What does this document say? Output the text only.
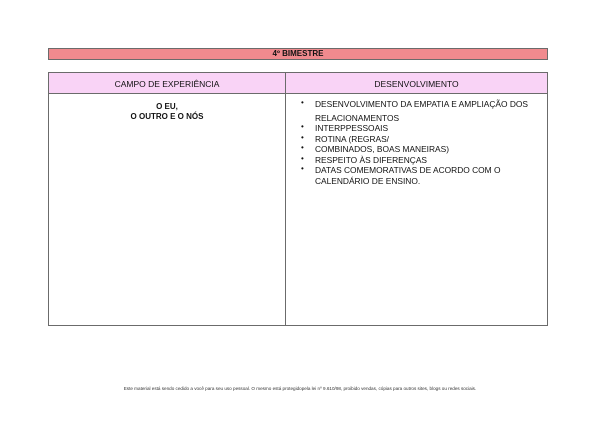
4º BIMESTRE
CAMPO DE EXPERIÊNCIA	DESENVOLVIMENTO
O EU,
O OUTRO E O NÓS
• DESENVOLVIMENTO DA EMPATIA E AMPLIAÇÃO DOS
RELACIONAMENTOS
• INTERPPESSOAIS
• ROTINA (REGRAS/
• COMBINADOS, BOAS MANEIRAS)
• RESPEITO ÀS DIFERENÇAS
• DATAS COMEMORATIVAS DE ACORDO COM O
CALENDÁRIO DE ENSINO.
Este material está sendo cedido a você para seu uso pessoal. O mesmo está protegidopela lei nº 9.610/98, proibido vendas, cópias para outros sites, blogs ou redes sociais.
